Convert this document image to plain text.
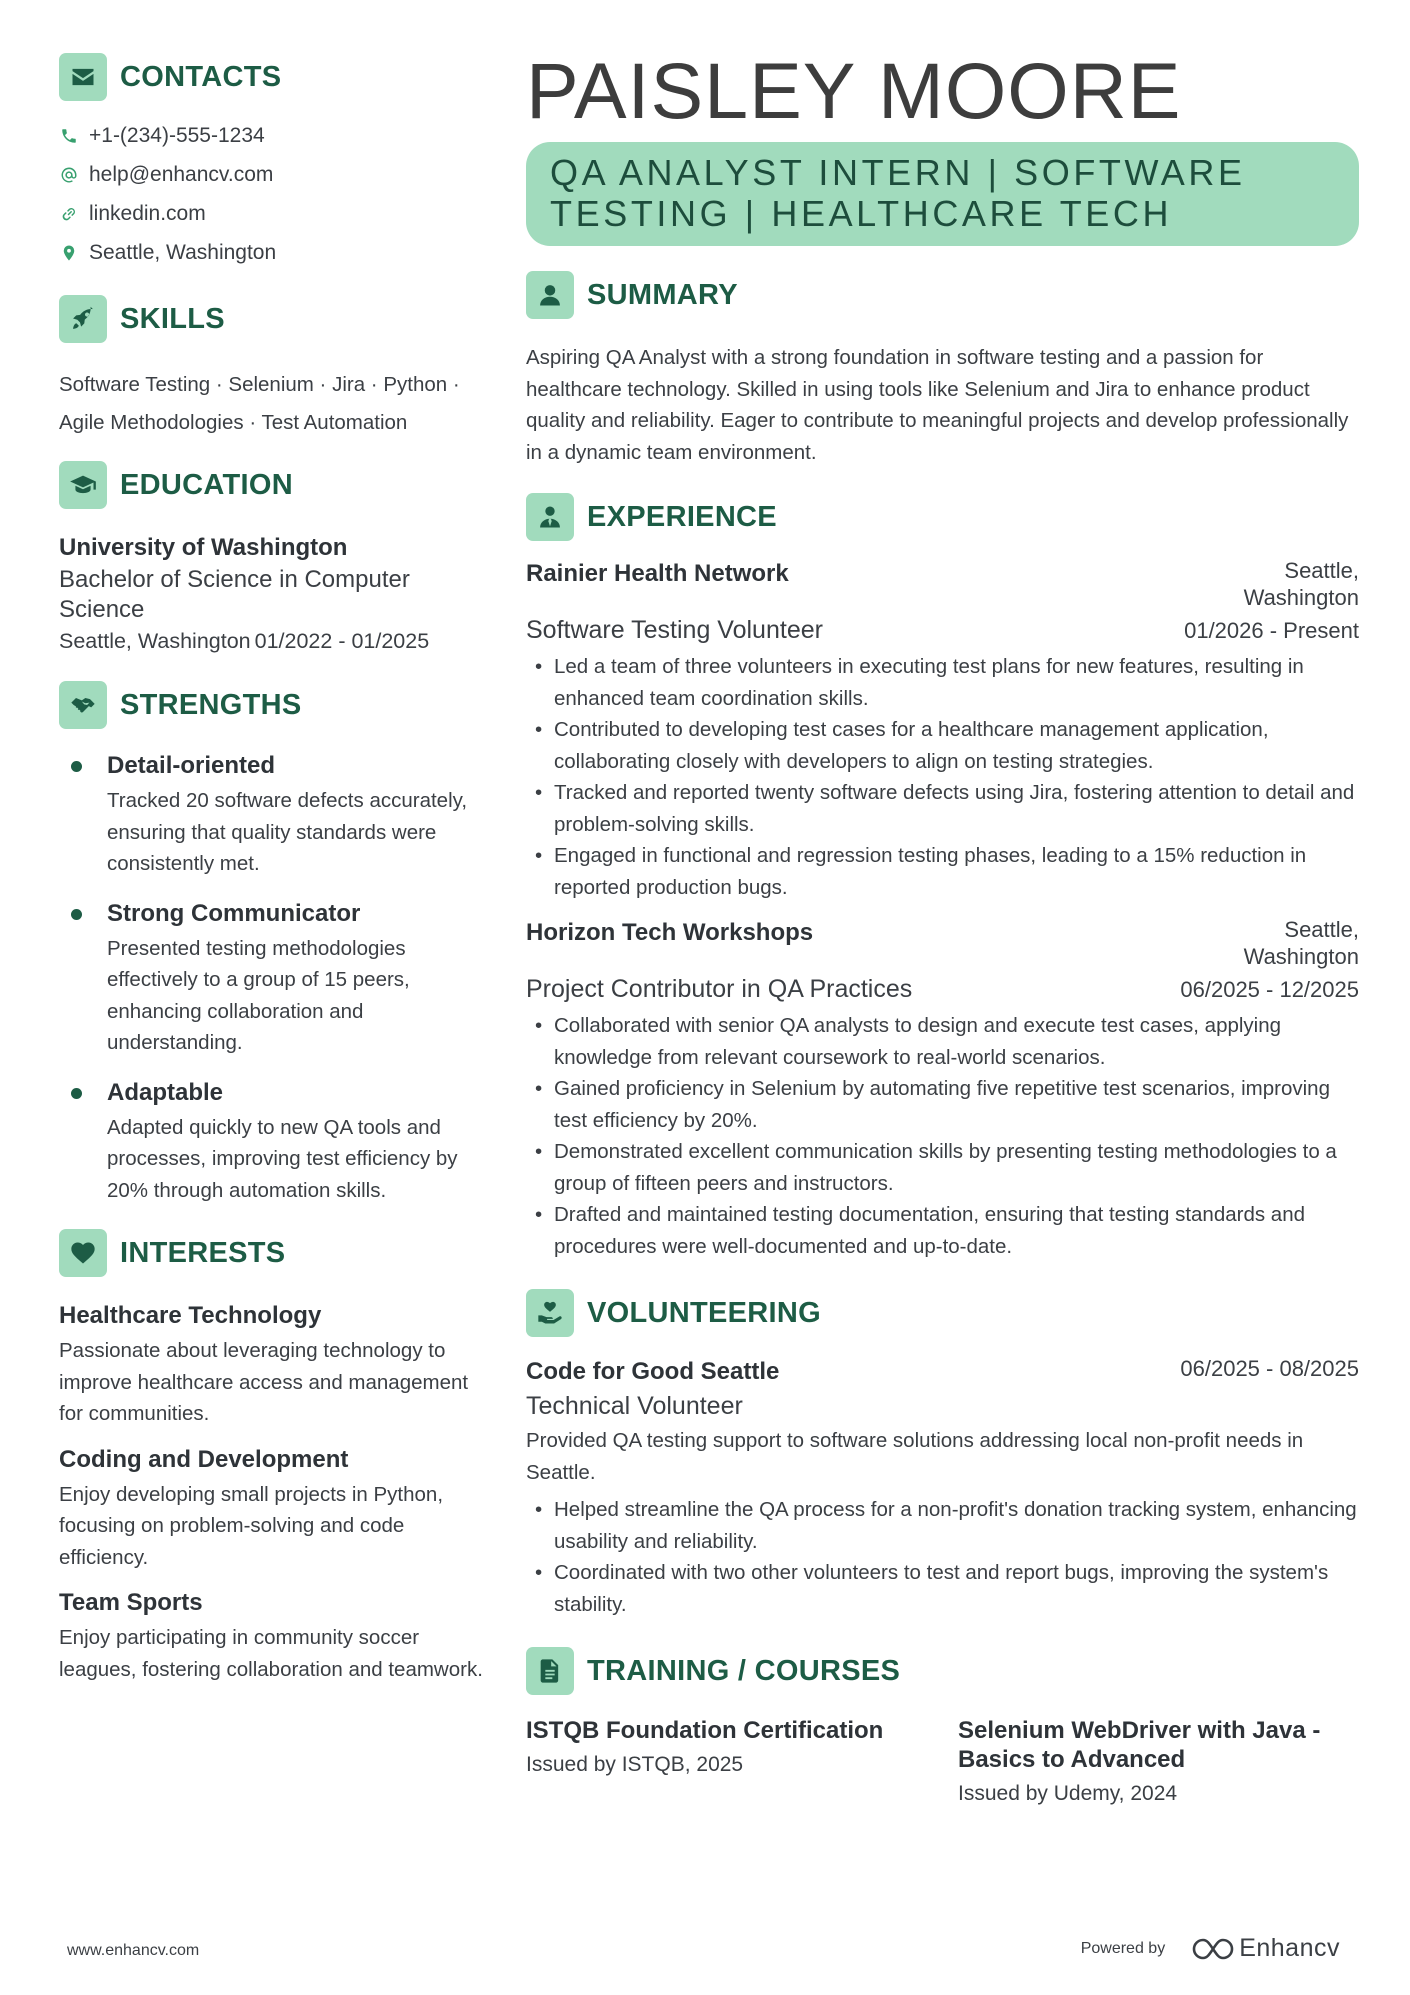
CONTACTS
+1-(234)-555-1234
help@enhancv.com
linkedin.com
Seattle, Washington
SKILLS
Software Testing · Selenium · Jira · Python · Agile Methodologies · Test Automation
EDUCATION
University of Washington
Bachelor of Science in Computer Science
Seattle, Washington 01/2022 - 01/2025
STRENGTHS
Detail-oriented
Tracked 20 software defects accurately, ensuring that quality standards were consistently met.
Strong Communicator
Presented testing methodologies effectively to a group of 15 peers, enhancing collaboration and understanding.
Adaptable
Adapted quickly to new QA tools and processes, improving test efficiency by 20% through automation skills.
INTERESTS
Healthcare Technology
Passionate about leveraging technology to improve healthcare access and management for communities.
Coding and Development
Enjoy developing small projects in Python, focusing on problem-solving and code efficiency.
Team Sports
Enjoy participating in community soccer leagues, fostering collaboration and teamwork.
PAISLEY MOORE
QA ANALYST INTERN | SOFTWARE TESTING | HEALTHCARE TECH
SUMMARY
Aspiring QA Analyst with a strong foundation in software testing and a passion for healthcare technology. Skilled in using tools like Selenium and Jira to enhance product quality and reliability. Eager to contribute to meaningful projects and develop professionally in a dynamic team environment.
EXPERIENCE
Rainier Health Network	Seattle, Washington
Software Testing Volunteer	01/2026 - Present
• Led a team of three volunteers in executing test plans for new features, resulting in enhanced team coordination skills.
• Contributed to developing test cases for a healthcare management application, collaborating closely with developers to align on testing strategies.
• Tracked and reported twenty software defects using Jira, fostering attention to detail and problem-solving skills.
• Engaged in functional and regression testing phases, leading to a 15% reduction in reported production bugs.
Horizon Tech Workshops	Seattle, Washington
Project Contributor in QA Practices	06/2025 - 12/2025
• Collaborated with senior QA analysts to design and execute test cases, applying knowledge from relevant coursework to real-world scenarios.
• Gained proficiency in Selenium by automating five repetitive test scenarios, improving test efficiency by 20%.
• Demonstrated excellent communication skills by presenting testing methodologies to a group of fifteen peers and instructors.
• Drafted and maintained testing documentation, ensuring that testing standards and procedures were well-documented and up-to-date.
VOLUNTEERING
Code for Good Seattle	06/2025 - 08/2025
Technical Volunteer
Provided QA testing support to software solutions addressing local non-profit needs in Seattle.
• Helped streamline the QA process for a non-profit's donation tracking system, enhancing usability and reliability.
• Coordinated with two other volunteers to test and report bugs, improving the system's stability.
TRAINING / COURSES
ISTQB Foundation Certification
Issued by ISTQB, 2025
Selenium WebDriver with Java - Basics to Advanced
Issued by Udemy, 2024
www.enhancv.com	Powered by	Enhancv
